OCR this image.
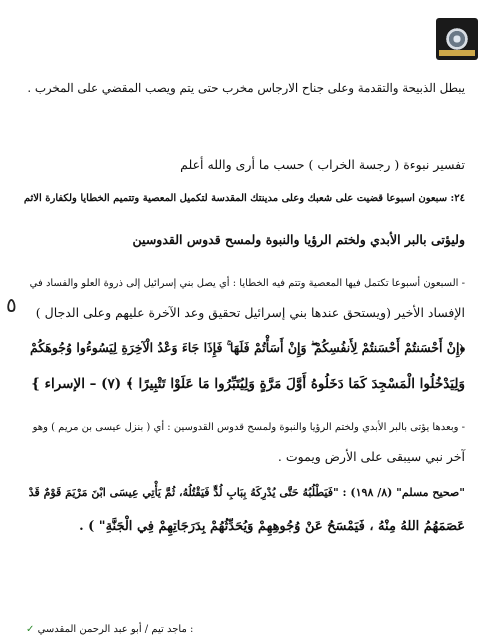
يبطل الذبيحة والتقدمة وعلى جناح الارجاس مخرب حتى يتم ويصب المقضي على المخرب .
تفسير نبوءة ( رجسة الخراب ) حسب ما أرى والله أعلم
٢٤: سبعون اسبوعا قضيت على شعبك وعلى مدينتك المقدسة لتكميل المعصية وتتميم الخطايا ولكفارة الاثم
وليؤتى بالبر الأبدي ولختم الرؤيا والنبوة ولمسح قدوس القدوسين
- السبعون أسبوعا تكتمل فيها المعصية وتتم فيه الخطايا : أي يصل بني إسرائيل إلى ذروة العلو والفساد في
الإفساد الأخير (ويستحق عندها بني إسرائيل تحقيق وعد الآخرة عليهم وعلى الدجال )
﴿إِنْ أَحْسَنتُمْ أَحْسَنتُمْ لِأَنفُسِكُمْ ۖ وَإِنْ أَسَأْتُمْ فَلَهَا ۚ فَإِذَا جَاءَ وَعْدُ الْآخِرَةِ لِيَسُوءُوا وُجُوهَكُمْ
وَلِيَدْخُلُوا الْمَسْجِدَ كَمَا دَخَلُوهُ أَوَّلَ مَرَّةٍ وَلِيُتَبِّرُوا مَا عَلَوْا تَتْبِيرًا ﴾ (٧) – الإسراء }
- وبعدها يؤتى بالبر الأبدي ولختم الرؤيا والنبوة ولمسح قدوس القدوسين : أي ( بنزل عيسى بن مريم ) وهو
آخر نبي سيبقى على الأرض ويموت .
"صحيح مسلم" (٨/ ١٩٨) : "فَيَطْلُبُهُ حَتَّى يُدْرِكَهُ بِبَابِ لُدٍّ فَيَقْتُلُهُ، ثُمَّ يَأْتِي عِيسَى ابْنَ مَرْيَمَ قَوْمٌ قَدْ
عَصَمَهُمُ اللهُ مِنْهُ ، فَيَمْسَحُ عَنْ وُجُوهِهِمْ وَيُحَدِّثُهُمْ بِدَرَجَاتِهِمْ فِي الْجَنَّةِ" ) .
٥
: ماجد تيم / أبو عبد الرحمن المقدسي ✓
